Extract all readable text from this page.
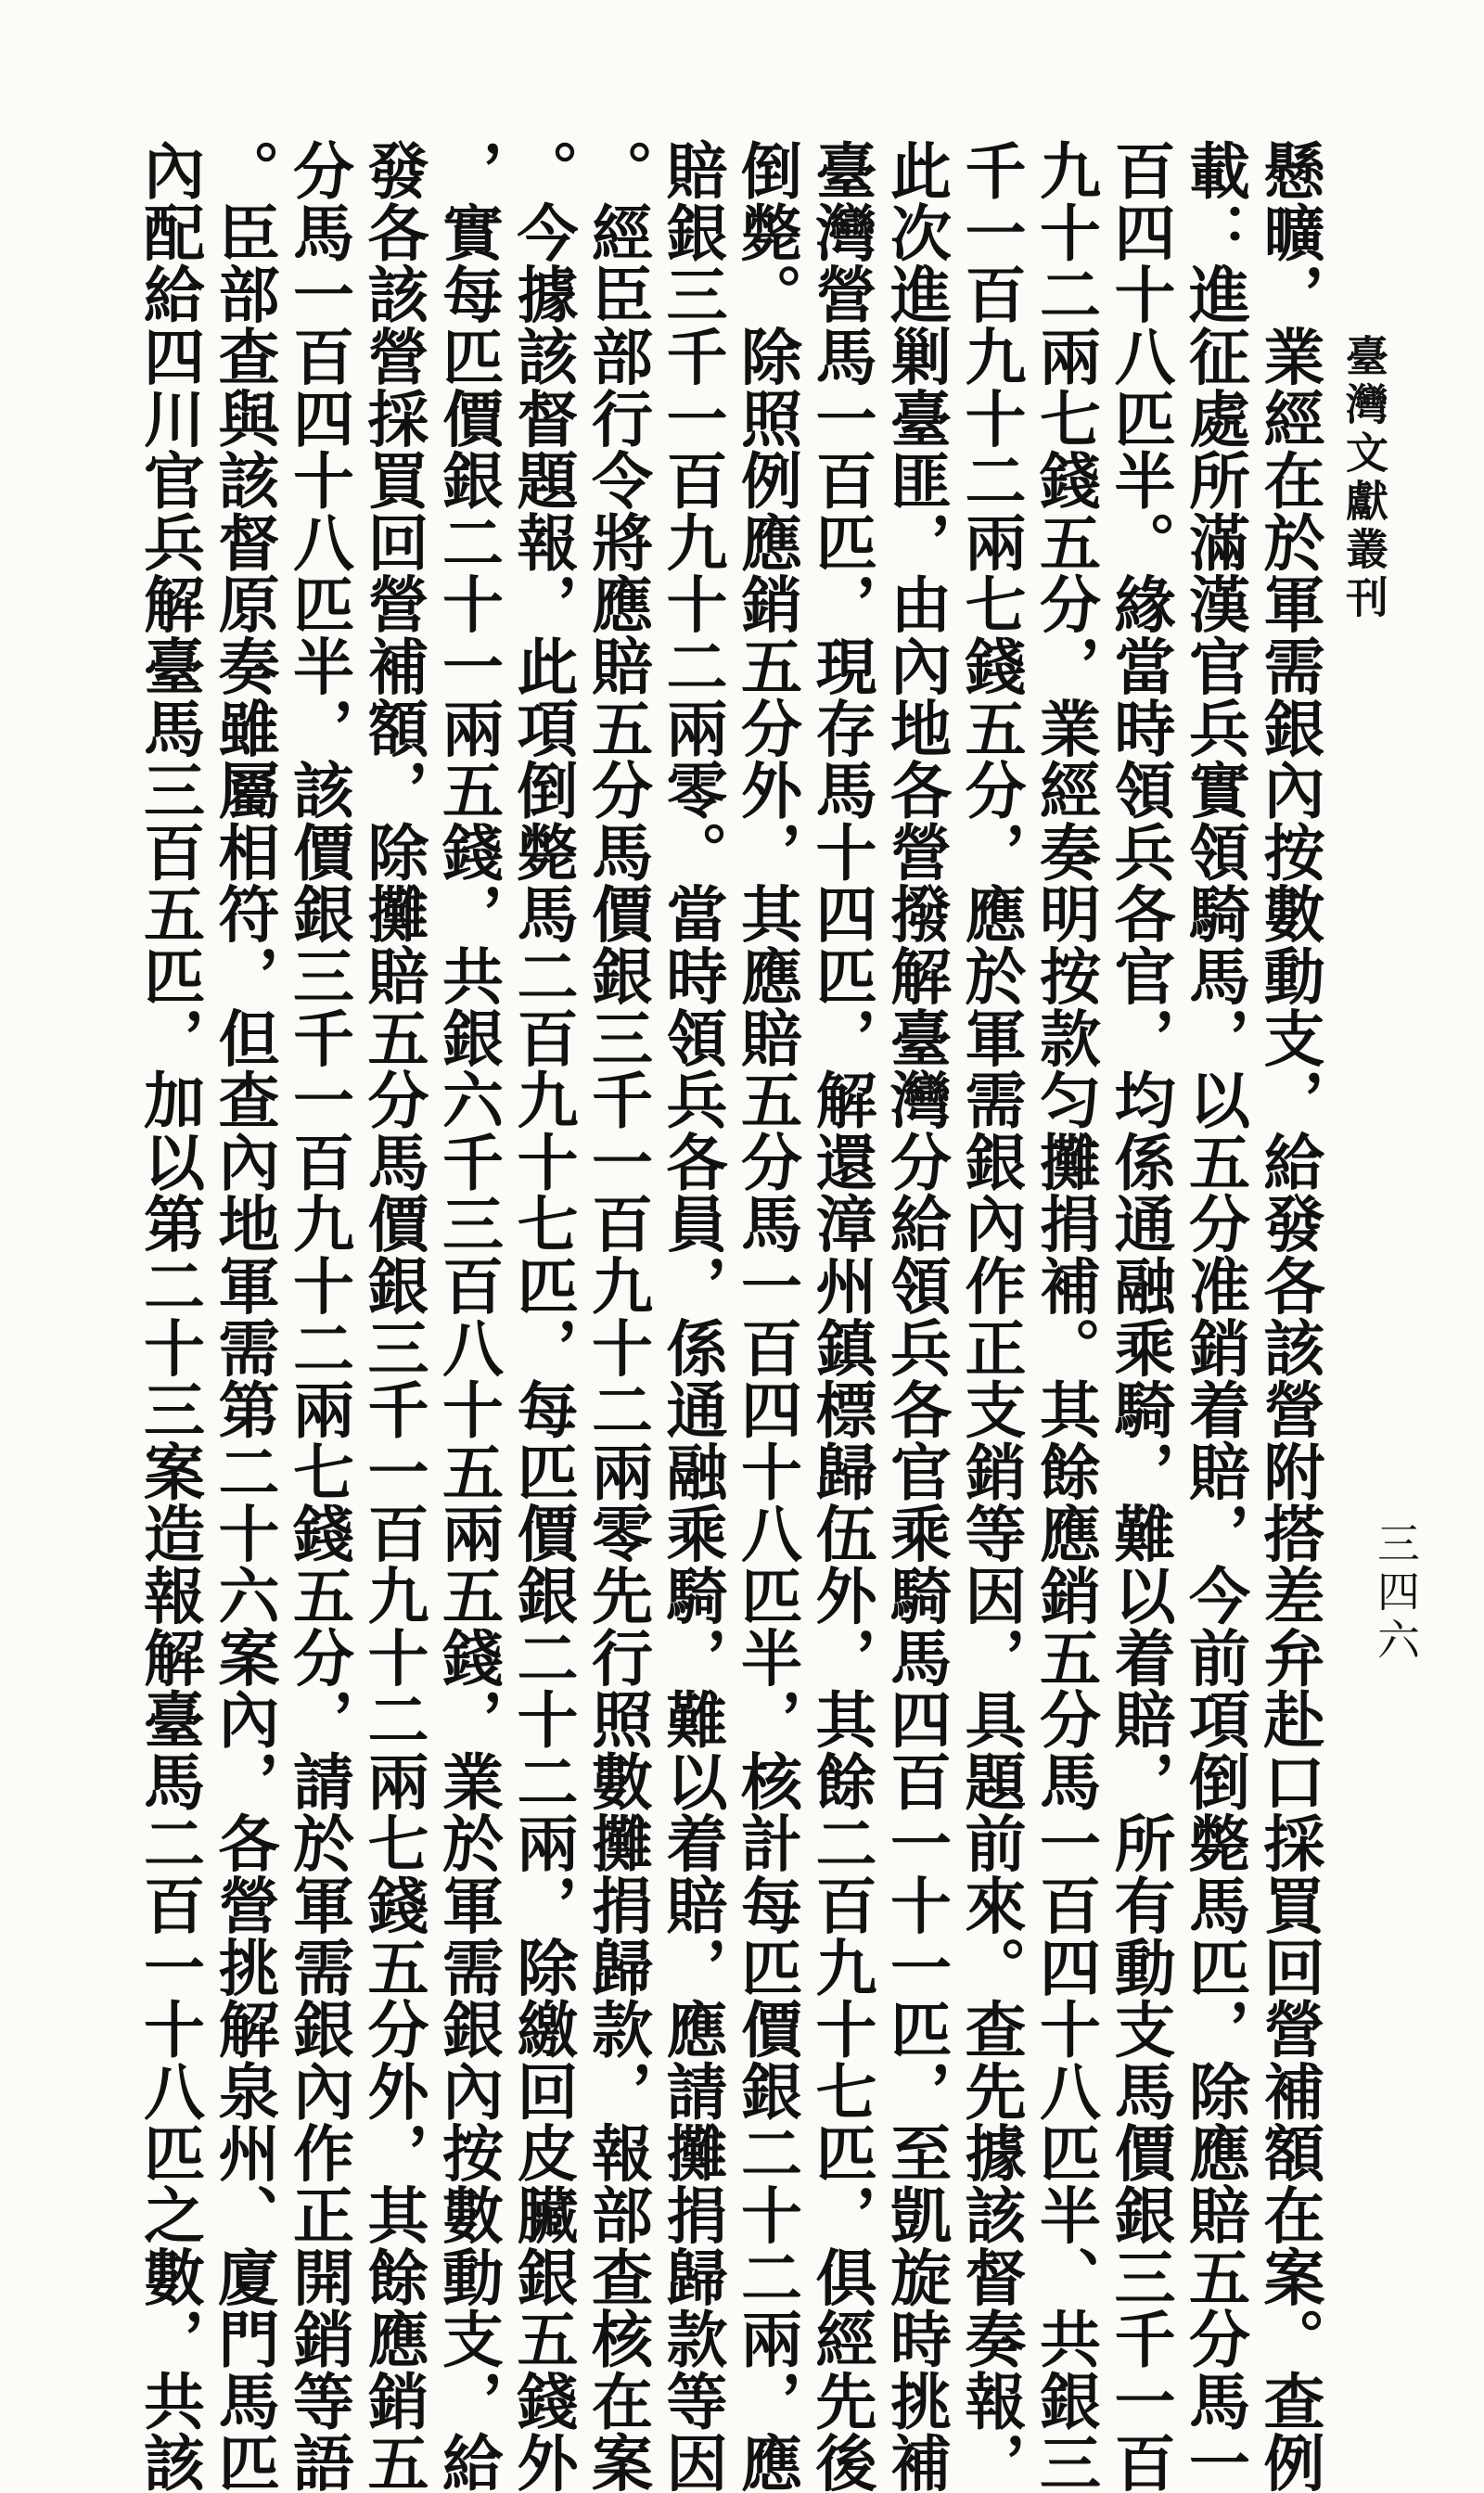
臺灣文獻叢刊
三四六
懸曠，業經在於軍需銀內按數動支，給發各該營附搭差弁赴口採買回營補額在案。查例
載：進征處所滿漢官兵實領騎馬，以五分准銷着賠，今前項倒斃馬匹，除應賠五分馬一
百四十八匹半。緣當時領兵各官，均係通融乘騎，難以着賠，所有動支馬價銀三千一百
九十二兩七錢五分，業經奏明按款匀攤捐補。其餘應銷五分馬一百四十八匹半、共銀三
千一百九十二兩七錢五分，應於軍需銀內作正支銷等因，具題前來。查先據該督奏報，
此次進剿臺匪，由內地各營撥解臺灣分給領兵各官乘騎馬四百一十一匹，至凱旋時挑補
臺灣營馬一百匹，現存馬十四匹，解還漳州鎮標歸伍外，其餘二百九十七匹，俱經先後
倒斃。除照例應銷五分外，其應賠五分馬一百四十八匹半，核計每匹價銀二十二兩，應
賠銀三千一百九十二兩零。當時領兵各員，係通融乘騎，難以着賠，應請攤捐歸款等因
。經臣部行令將應賠五分馬價銀三千一百九十二兩零先行照數攤捐歸款，報部查核在案
。今據該督題報，此項倒斃馬二百九十七匹，每匹價銀二十二兩，除繳回皮臟銀五錢外
，實每匹價銀二十一兩五錢，共銀六千三百八十五兩五錢，業於軍需銀內按數動支，給
發各該營採買回營補額，除攤賠五分馬價銀三千一百九十二兩七錢五分外，其餘應銷五
分馬一百四十八匹半，該價銀三千一百九十二兩七錢五分，請於軍需銀內作正開銷等語
。臣部查與該督原奏雖屬相符，但查內地軍需第二十六案內，各營挑解泉州、廈門馬匹
內配給四川官兵解臺馬三百五匹，加以第二十三案造報解臺馬二百一十八匹之數，共該
